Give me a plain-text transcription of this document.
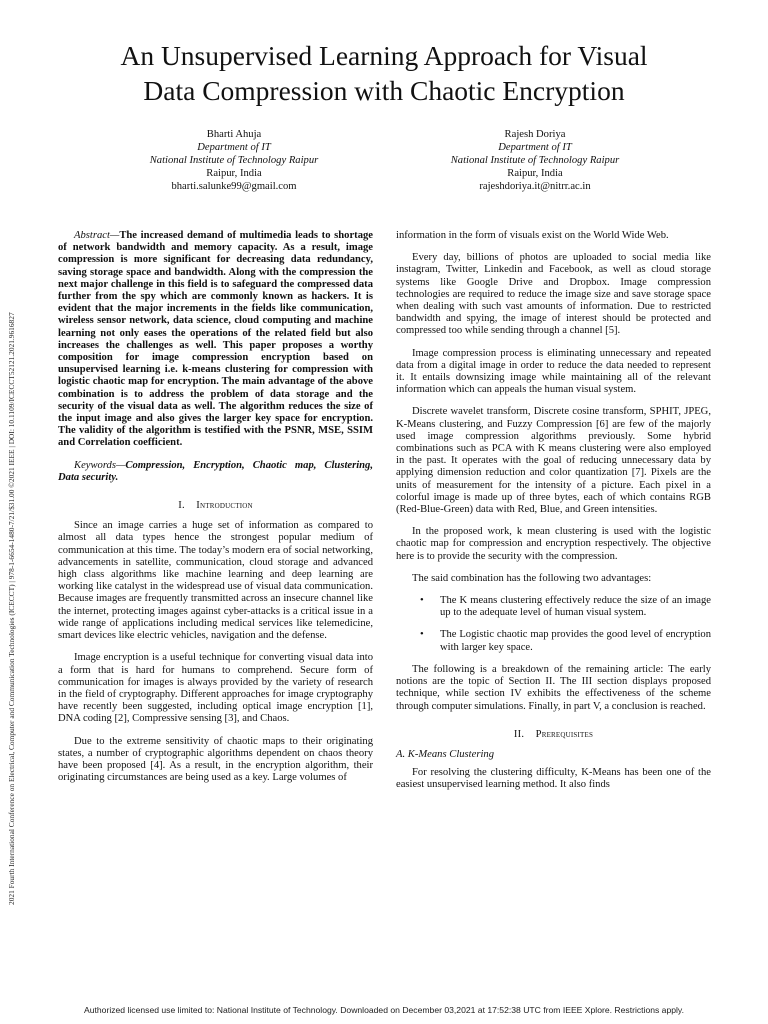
2021 Fourth International Conference on Electrical, Computer and Communication Technologies (ICECCT) | 978-1-6654-1480-7/21/$31.00 ©2021 IEEE | DOI: 10.1109/ICECCT52121.2021.9616827
An Unsupervised Learning Approach for Visual
Data Compression with Chaotic Encryption
Bharti Ahuja
Department of IT
National Institute of Technology Raipur
Raipur, India
bharti.salunke99@gmail.com
Rajesh Doriya
Department of IT
National Institute of Technology Raipur
Raipur, India
rajeshdoriya.it@nitrr.ac.in

Abstract—The increased demand of multimedia leads to shortage of network bandwidth and memory capacity. As a result, image compression is more significant for decreasing data redundancy, saving storage space and bandwidth. Along with the compression the next major challenge in this field is to safeguard the compressed data further from the spy which are commonly known as hackers. It is evident that the major increments in the fields like communication, wireless sensor network, data science, cloud computing and machine learning not only eases the operations of the related field but also increases the challenges as well. This paper proposes a worthy composition for image compression encryption based on unsupervised learning i.e. k-means clustering for compression with logistic chaotic map for encryption. The main advantage of the above combination is to address the problem of data storage and the security of the visual data as well. The algorithm reduces the size of the input image and also gives the larger key space for encryption. The validity of the algorithm is testified with the PSNR, MSE, SSIM and Correlation coefficient.

Keywords—Compression, Encryption, Chaotic map, Clustering, Data security.

I. Introduction

Since an image carries a huge set of information as compared to almost all data types hence the strongest popular medium of communication at this time. The today’s modern era of social networking, advancements in satellite, communication, cloud storage and advanced high class algorithms like machine learning and deep learning are working like catalyst in the widespread use of visual data communication. Because images are frequently transmitted across an insecure channel like the internet, protecting images against cyber-attacks is a critical issue in a wide range of applications including medical services like telemedicine, smart devices like electric vehicles, navigation and the defense.

Image encryption is a useful technique for converting visual data into a form that is hard for humans to comprehend. Secure form of communication for images is always provided by the variety of research in the field of cryptography. Different approaches for image cryptography have recently been suggested, including optical image encryption [1], DNA coding [2], Compressive sensing [3], and Chaos.

Due to the extreme sensitivity of chaotic maps to their originating states, a number of cryptographic algorithms dependent on chaos theory have been proposed [4]. As a result, in the encryption algorithm, their originating circumstances are being used as a key. Large volumes of

information in the form of visuals exist on the World Wide Web.

Every day, billions of photos are uploaded to social media like instagram, Twitter, Linkedin and Facebook, as well as cloud storage systems like Google Drive and Dropbox. Image compression technologies are required to reduce the image size and save storage space when dealing with such vast amounts of information. Due to restricted bandwidth and spying, the image of interest should be protected and compressed too while sending through a channel [5].

Image compression process is eliminating unnecessary and repeated data from a digital image in order to reduce the data needed to represent it. It entails downsizing image while maintaining all of the relevant information which can appeals the human visual system.

Discrete wavelet transform, Discrete cosine transform, SPHIT, JPEG, K-Means clustering, and Fuzzy Compression [6] are few of the majorly used image compression algorithms previously. Some hybrid combinations such as PCA with K means clustering were also employed in the past. It operates with the goal of reducing unnecessary data by applying dimension reduction and color quantization [7]. Pixels are the units of measurement for the intensity of a picture. Each pixel in a colorful image is made up of three bytes, each of which contains RGB (Red-Blue-Green) data with Red, Blue, and Green intensities.

In the proposed work, k mean clustering is used with the logistic chaotic map for compression and encryption respectively. The objective here is to provide the security with the compression.

The said combination has the following two advantages:

• The K means clustering effectively reduce the size of an image up to the adequate level of human visual system.
• The Logistic chaotic map provides the good level of encryption with larger key space.

The following is a breakdown of the remaining article: The early notions are the topic of Section II. The III section displays proposed technique, while section IV exhibits the effectiveness of the scheme through computer simulations. Finally, in part V, a conclusion is reached.

II. Prerequisites
A. K-Means Clustering

For resolving the clustering difficulty, K-Means has been one of the easiest unsupervised learning method. It also finds

Authorized licensed use limited to: National Institute of Technology. Downloaded on December 03,2021 at 17:52:38 UTC from IEEE Xplore. Restrictions apply.
